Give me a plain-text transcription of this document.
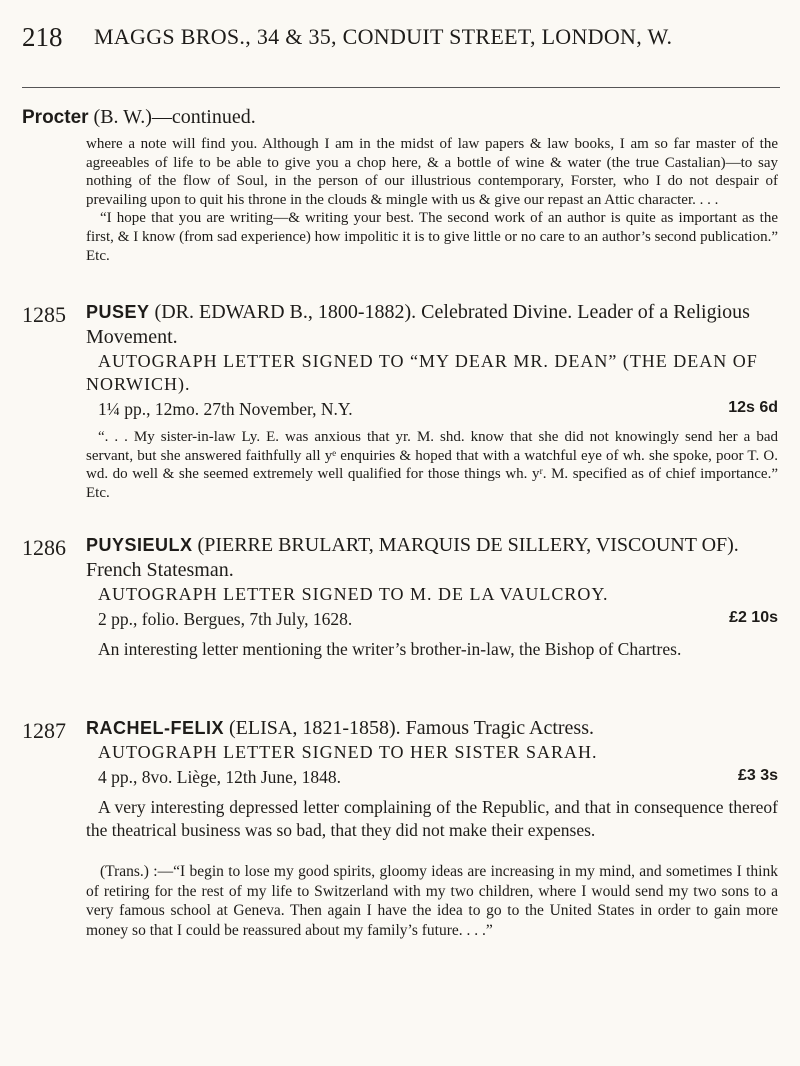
218 MAGGS BROS., 34 & 35, CONDUIT STREET, LONDON, W.
Procter (B. W.)—continued.

where a note will find you. Although I am in the midst of law papers & law books, I am so far master of the agreeables of life to be able to give you a chop here, & a bottle of wine & water (the true Castalian)—to say nothing of the flow of Soul, in the person of our illustrious contemporary, Forster, who I do not despair of prevailing upon to quit his throne in the clouds & mingle with us & give our repast an Attic character. . . .

“I hope that you are writing—& writing your best. The second work of an author is quite as important as the first, & I know (from sad experience) how impolitic it is to give little or no care to an author’s second publication.” Etc.

1285 PUSEY (DR. EDWARD B., 1800-1882). Celebrated Divine. Leader of a Religious Movement.

AUTOGRAPH LETTER SIGNED TO “MY DEAR MR. DEAN” (THE DEAN OF NORWICH).

1¼ pp., 12mo. 27th November, N.Y.	12s 6d

“. . . My sister-in-law Ly. E. was anxious that yr. M. shd. know that she did not knowingly send her a bad servant, but she answered faithfully all yᵉ enquiries & hoped that with a watchful eye of wh. she spoke, poor T. O. wd. do well & she seemed extremely well qualified for those things wh. yʳ. M. specified as of chief importance.” Etc.

1286 PUYSIEULX (PIERRE BRULART, MARQUIS DE SILLERY, VISCOUNT OF). French Statesman.

AUTOGRAPH LETTER SIGNED TO M. DE LA VAULCROY.

2 pp., folio. Bergues, 7th July, 1628.	£2 10s

An interesting letter mentioning the writer’s brother-in-law, the Bishop of Chartres.

1287 RACHEL-FELIX (ELISA, 1821-1858). Famous Tragic Actress.

AUTOGRAPH LETTER SIGNED TO HER SISTER SARAH.

4 pp., 8vo. Liège, 12th June, 1848.	£3 3s

A very interesting depressed letter complaining of the Republic, and that in consequence thereof the theatrical business was so bad, that they did not make their expenses.

(Trans.) :—“I begin to lose my good spirits, gloomy ideas are increasing in my mind, and sometimes I think of retiring for the rest of my life to Switzerland with my two children, where I would send my two sons to a very famous school at Geneva. Then again I have the idea to go to the United States in order to gain more money so that I could be reassured about my family’s future. . . .”
